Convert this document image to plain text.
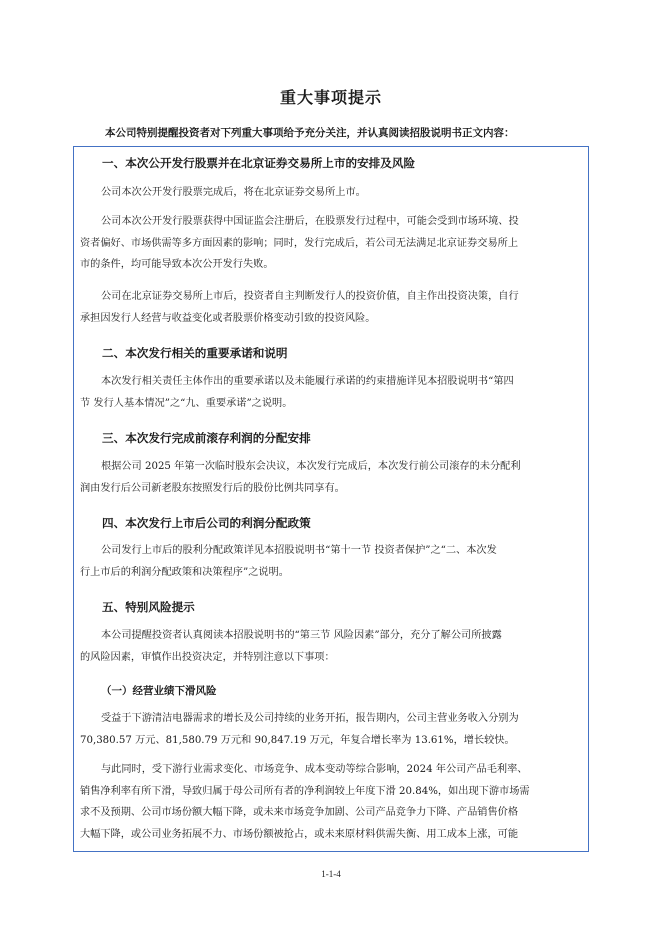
重大事项提示
本公司特别提醒投资者对下列重大事项给予充分关注，并认真阅读招股说明书正文内容：
一、本次公开发行股票并在北京证券交易所上市的安排及风险
公司本次公开发行股票完成后，将在北京证券交易所上市。
公司本次公开发行股票获得中国证监会注册后，在股票发行过程中，可能会受到市场环境、投
资者偏好、市场供需等多方面因素的影响；同时，发行完成后，若公司无法满足北京证券交易所上
市的条件，均可能导致本次公开发行失败。
公司在北京证券交易所上市后，投资者自主判断发行人的投资价值，自主作出投资决策，自行
承担因发行人经营与收益变化或者股票价格变动引致的投资风险。
二、本次发行相关的重要承诺和说明
本次发行相关责任主体作出的重要承诺以及未能履行承诺的约束措施详见本招股说明书“第四
节 发行人基本情况”之“九、重要承诺”之说明。
三、本次发行完成前滚存利润的分配安排
根据公司 2025 年第一次临时股东会决议，本次发行完成后，本次发行前公司滚存的未分配利
润由发行后公司新老股东按照发行后的股份比例共同享有。
四、本次发行上市后公司的利润分配政策
公司发行上市后的股利分配政策详见本招股说明书“第十一节 投资者保护”之“二、本次发
行上市后的利润分配政策和决策程序”之说明。
五、特别风险提示
本公司提醒投资者认真阅读本招股说明书的“第三节 风险因素”部分，充分了解公司所披露
的风险因素，审慎作出投资决定，并特别注意以下事项：
（一）经营业绩下滑风险
受益于下游清洁电器需求的增长及公司持续的业务开拓，报告期内，公司主营业务收入分别为
70,380.57 万元、81,580.79 万元和 90,847.19 万元，年复合增长率为 13.61%，增长较快。
与此同时，受下游行业需求变化、市场竞争、成本变动等综合影响，2024 年公司产品毛利率、
销售净利率有所下滑，导致归属于母公司所有者的净利润较上年度下滑 20.84%，如出现下游市场需
求不及预期、公司市场份额大幅下降，或未来市场竞争加剧、公司产品竞争力下降、产品销售价格
大幅下降，或公司业务拓展不力、市场份额被抢占，或未来原材料供需失衡、用工成本上涨，可能
1-1-4
